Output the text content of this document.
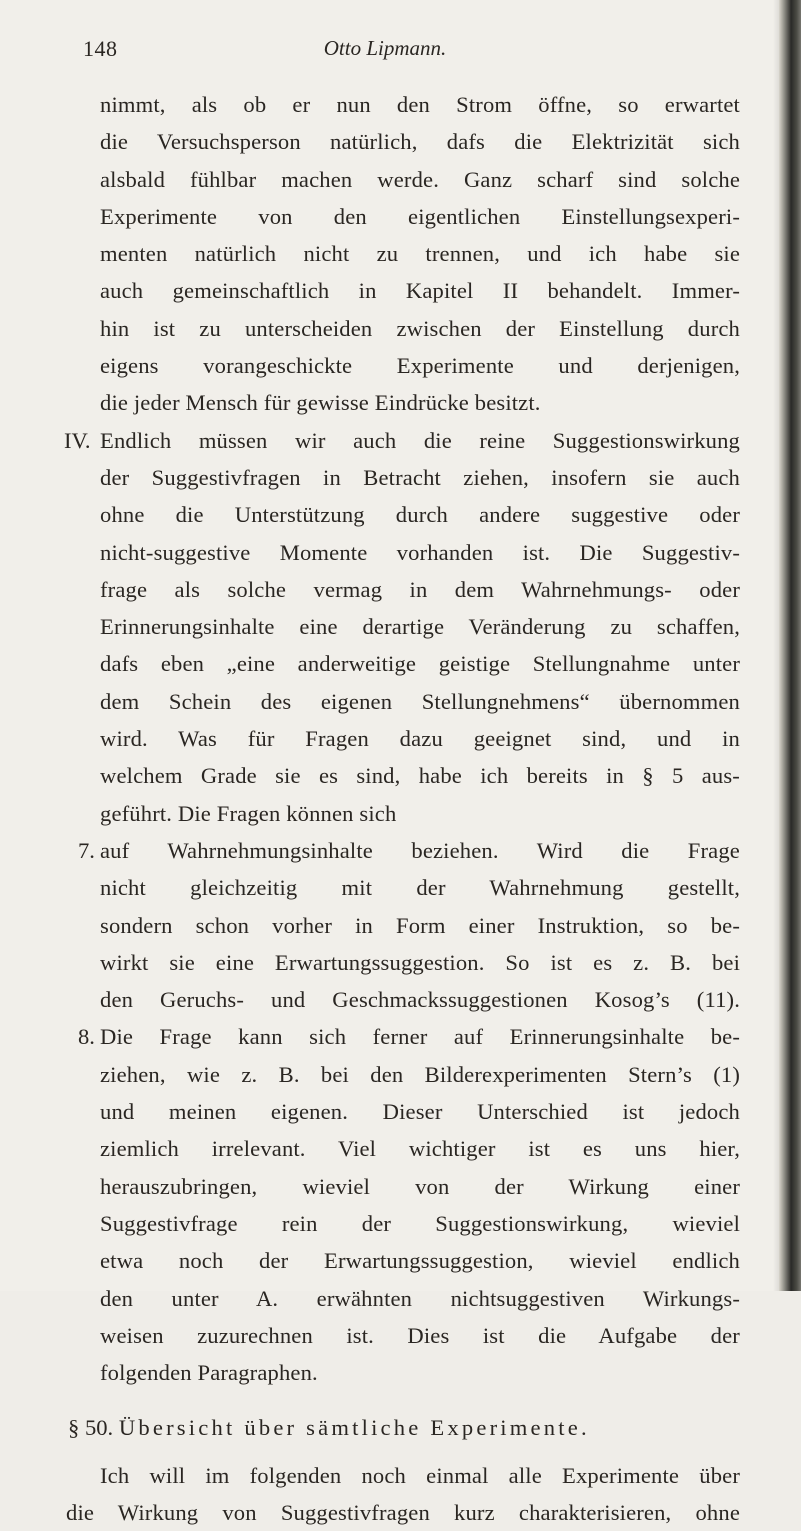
148	Otto Lipmann.
nimmt, als ob er nun den Strom öffne, so erwartet
die Versuchsperson natürlich, dafs die Elektrizität sich
alsbald fühlbar machen werde. Ganz scharf sind solche
Experimente von den eigentlichen Einstellungsexperi-
menten natürlich nicht zu trennen, und ich habe sie
auch gemeinschaftlich in Kapitel II behandelt. Immer-
hin ist zu unterscheiden zwischen der Einstellung durch
eigens vorangeschickte Experimente und derjenigen,
die jeder Mensch für gewisse Eindrücke besitzt.
IV. Endlich müssen wir auch die reine Suggestionswirkung
der Suggestivfragen in Betracht ziehen, insofern sie auch
ohne die Unterstützung durch andere suggestive oder
nicht-suggestive Momente vorhanden ist. Die Suggestiv-
frage als solche vermag in dem Wahrnehmungs- oder
Erinnerungsinhalte eine derartige Veränderung zu schaffen,
dafs eben „eine anderweitige geistige Stellungnahme unter
dem Schein des eigenen Stellungnehmens“ übernommen
wird. Was für Fragen dazu geeignet sind, und in
welchem Grade sie es sind, habe ich bereits in § 5 aus-
geführt. Die Fragen können sich
7. auf Wahrnehmungsinhalte beziehen. Wird die Frage
nicht gleichzeitig mit der Wahrnehmung gestellt,
sondern schon vorher in Form einer Instruktion, so be-
wirkt sie eine Erwartungssuggestion. So ist es z. B. bei
den Geruchs- und Geschmackssuggestionen Kosog’s (11).
8. Die Frage kann sich ferner auf Erinnerungsinhalte be-
ziehen, wie z. B. bei den Bilderexperimenten Stern’s (1)
und meinen eigenen. Dieser Unterschied ist jedoch
ziemlich irrelevant. Viel wichtiger ist es uns hier,
herauszubringen, wieviel von der Wirkung einer
Suggestivfrage rein der Suggestionswirkung, wieviel
etwa noch der Erwartungssuggestion, wieviel endlich
den unter A. erwähnten nichtsuggestiven Wirkungs-
weisen zuzurechnen ist. Dies ist die Aufgabe der
folgenden Paragraphen.
§ 50. Übersicht über sämtliche Experimente.
Ich will im folgenden noch einmal alle Experimente über
die Wirkung von Suggestivfragen kurz charakterisieren, ohne
